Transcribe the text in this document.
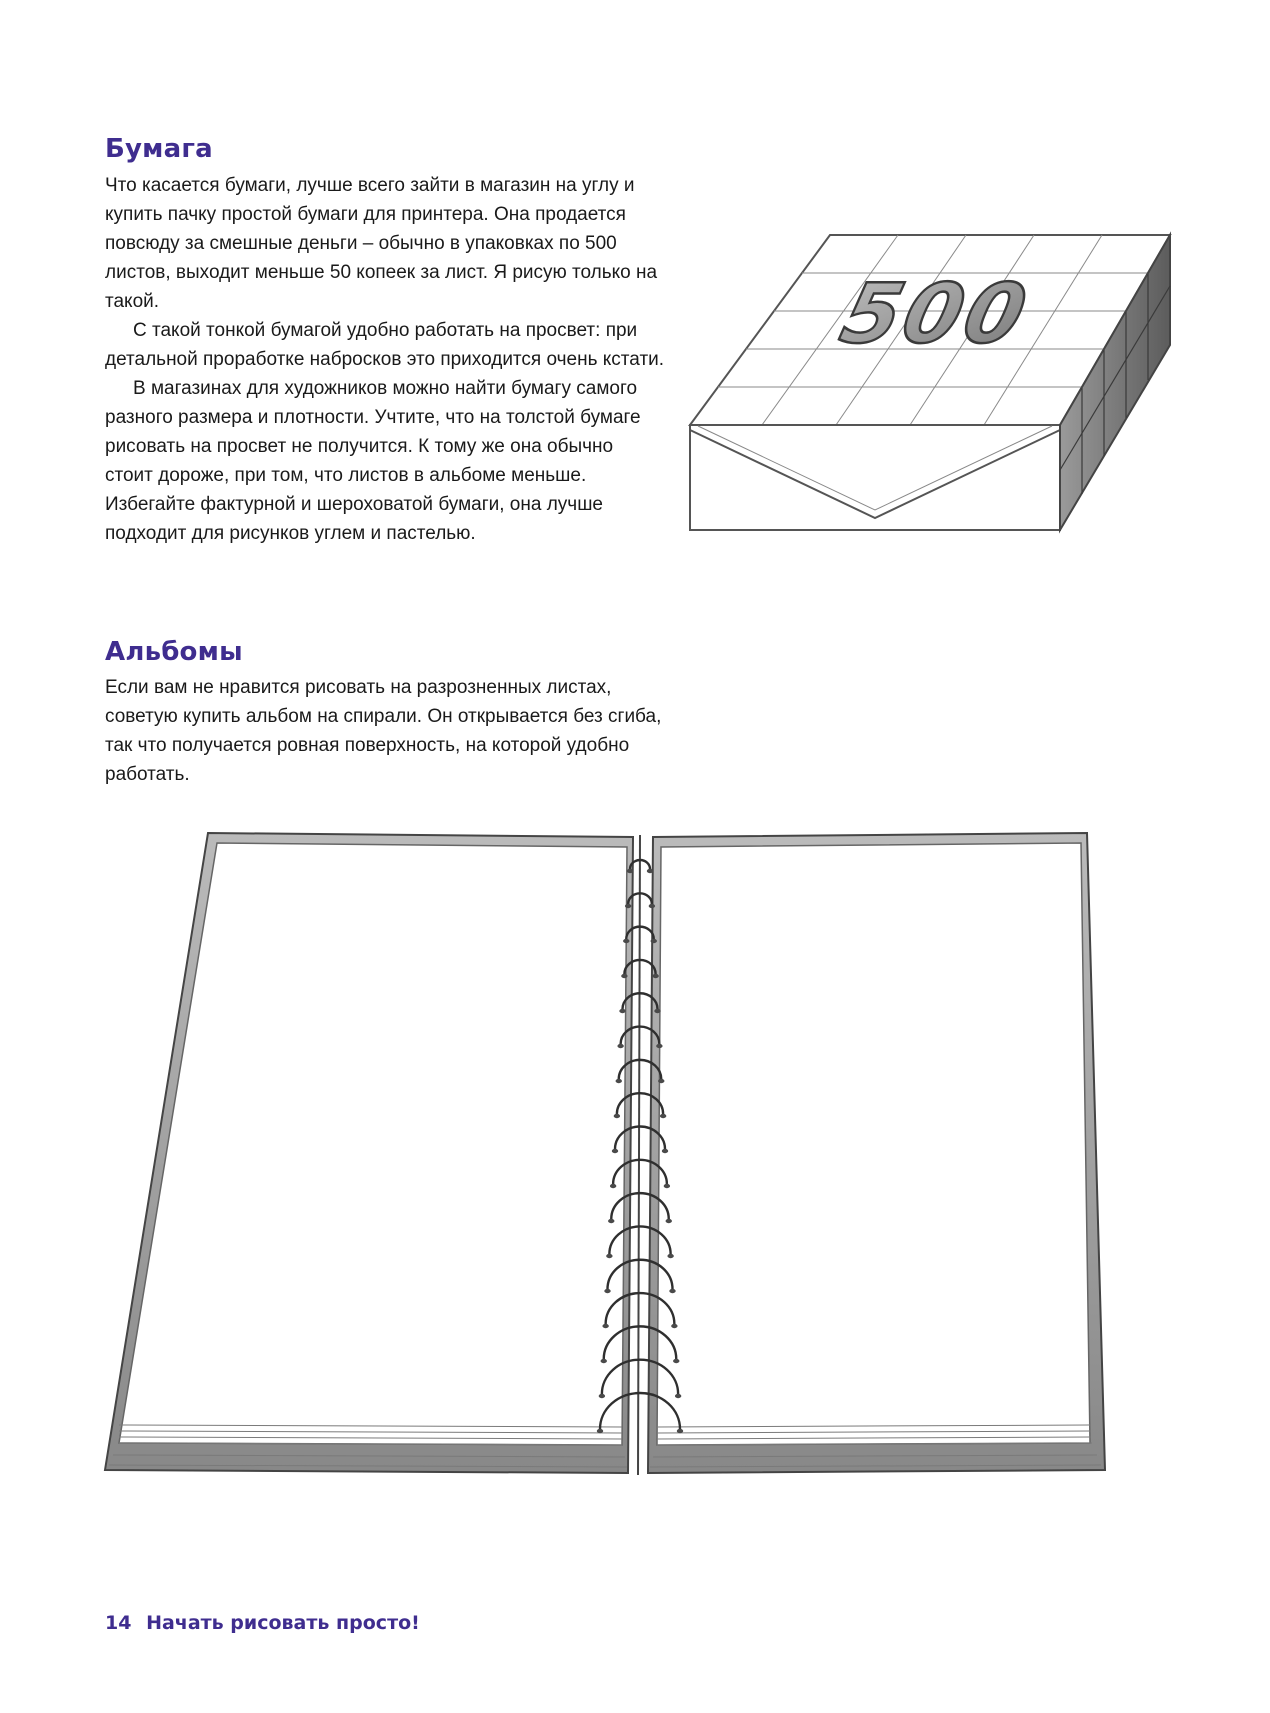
Бумага

Что касается бумаги, лучше всего зайти в магазин на углу и купить пачку простой бумаги для принтера. Она продается повсюду за смешные деньги – обычно в упаковках по 500 листов, выходит меньше 50 копеек за лист. Я рисую только на такой.

С такой тонкой бумагой удобно работать на просвет: при детальной проработке набросков это приходится очень кстати.

В магазинах для художников можно найти бумагу самого разного размера и плотности. Учтите, что на толстой бумаге рисовать на просвет не получится. К тому же она обычно стоит дороже, при том, что листов в альбоме меньше. Избегайте фактурной и шероховатой бумаги, она лучше подходит для рисунков углем и пастелью.

500
Альбомы

Если вам не нравится рисовать на разрозненных листах, советую купить альбом на спирали. Он открывается без сгиба, так что получается ровная поверхность, на которой удобно работать.

14 Начать рисовать просто!
